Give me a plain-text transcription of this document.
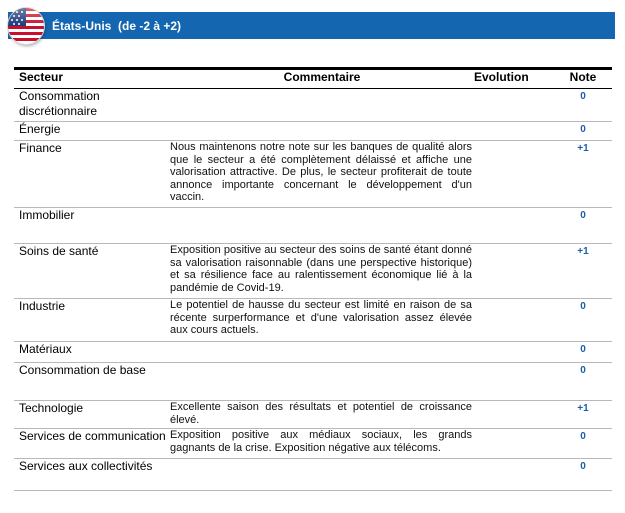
États-Unis  (de -2 à +2)
Secteur	Commentaire	Evolution	Note
Consommation discrétionnaire			0
Énergie			0
Finance	Nous maintenons notre note sur les banques de qualité alors que le secteur a été complètement délaissé et affiche une valorisation attractive. De plus, le secteur profiterait de toute annonce importante concernant le développement d'un vaccin.		+1
Immobilier			0
Soins de santé	Exposition positive au secteur des soins de santé étant donné sa valorisation raisonnable (dans une perspective historique) et sa résilience face au ralentissement économique lié à la pandémie de Covid-19.		+1
Industrie	Le potentiel de hausse du secteur est limité en raison de sa récente surperformance et d'une valorisation assez élevée aux cours actuels.		0
Matériaux			0
Consommation de base			0
Technologie	Excellente saison des résultats et potentiel de croissance élevé.		+1
Services de communication	Exposition positive aux médiaux sociaux, les grands gagnants de la crise. Exposition négative aux télécoms.		0
Services aux collectivités			0
